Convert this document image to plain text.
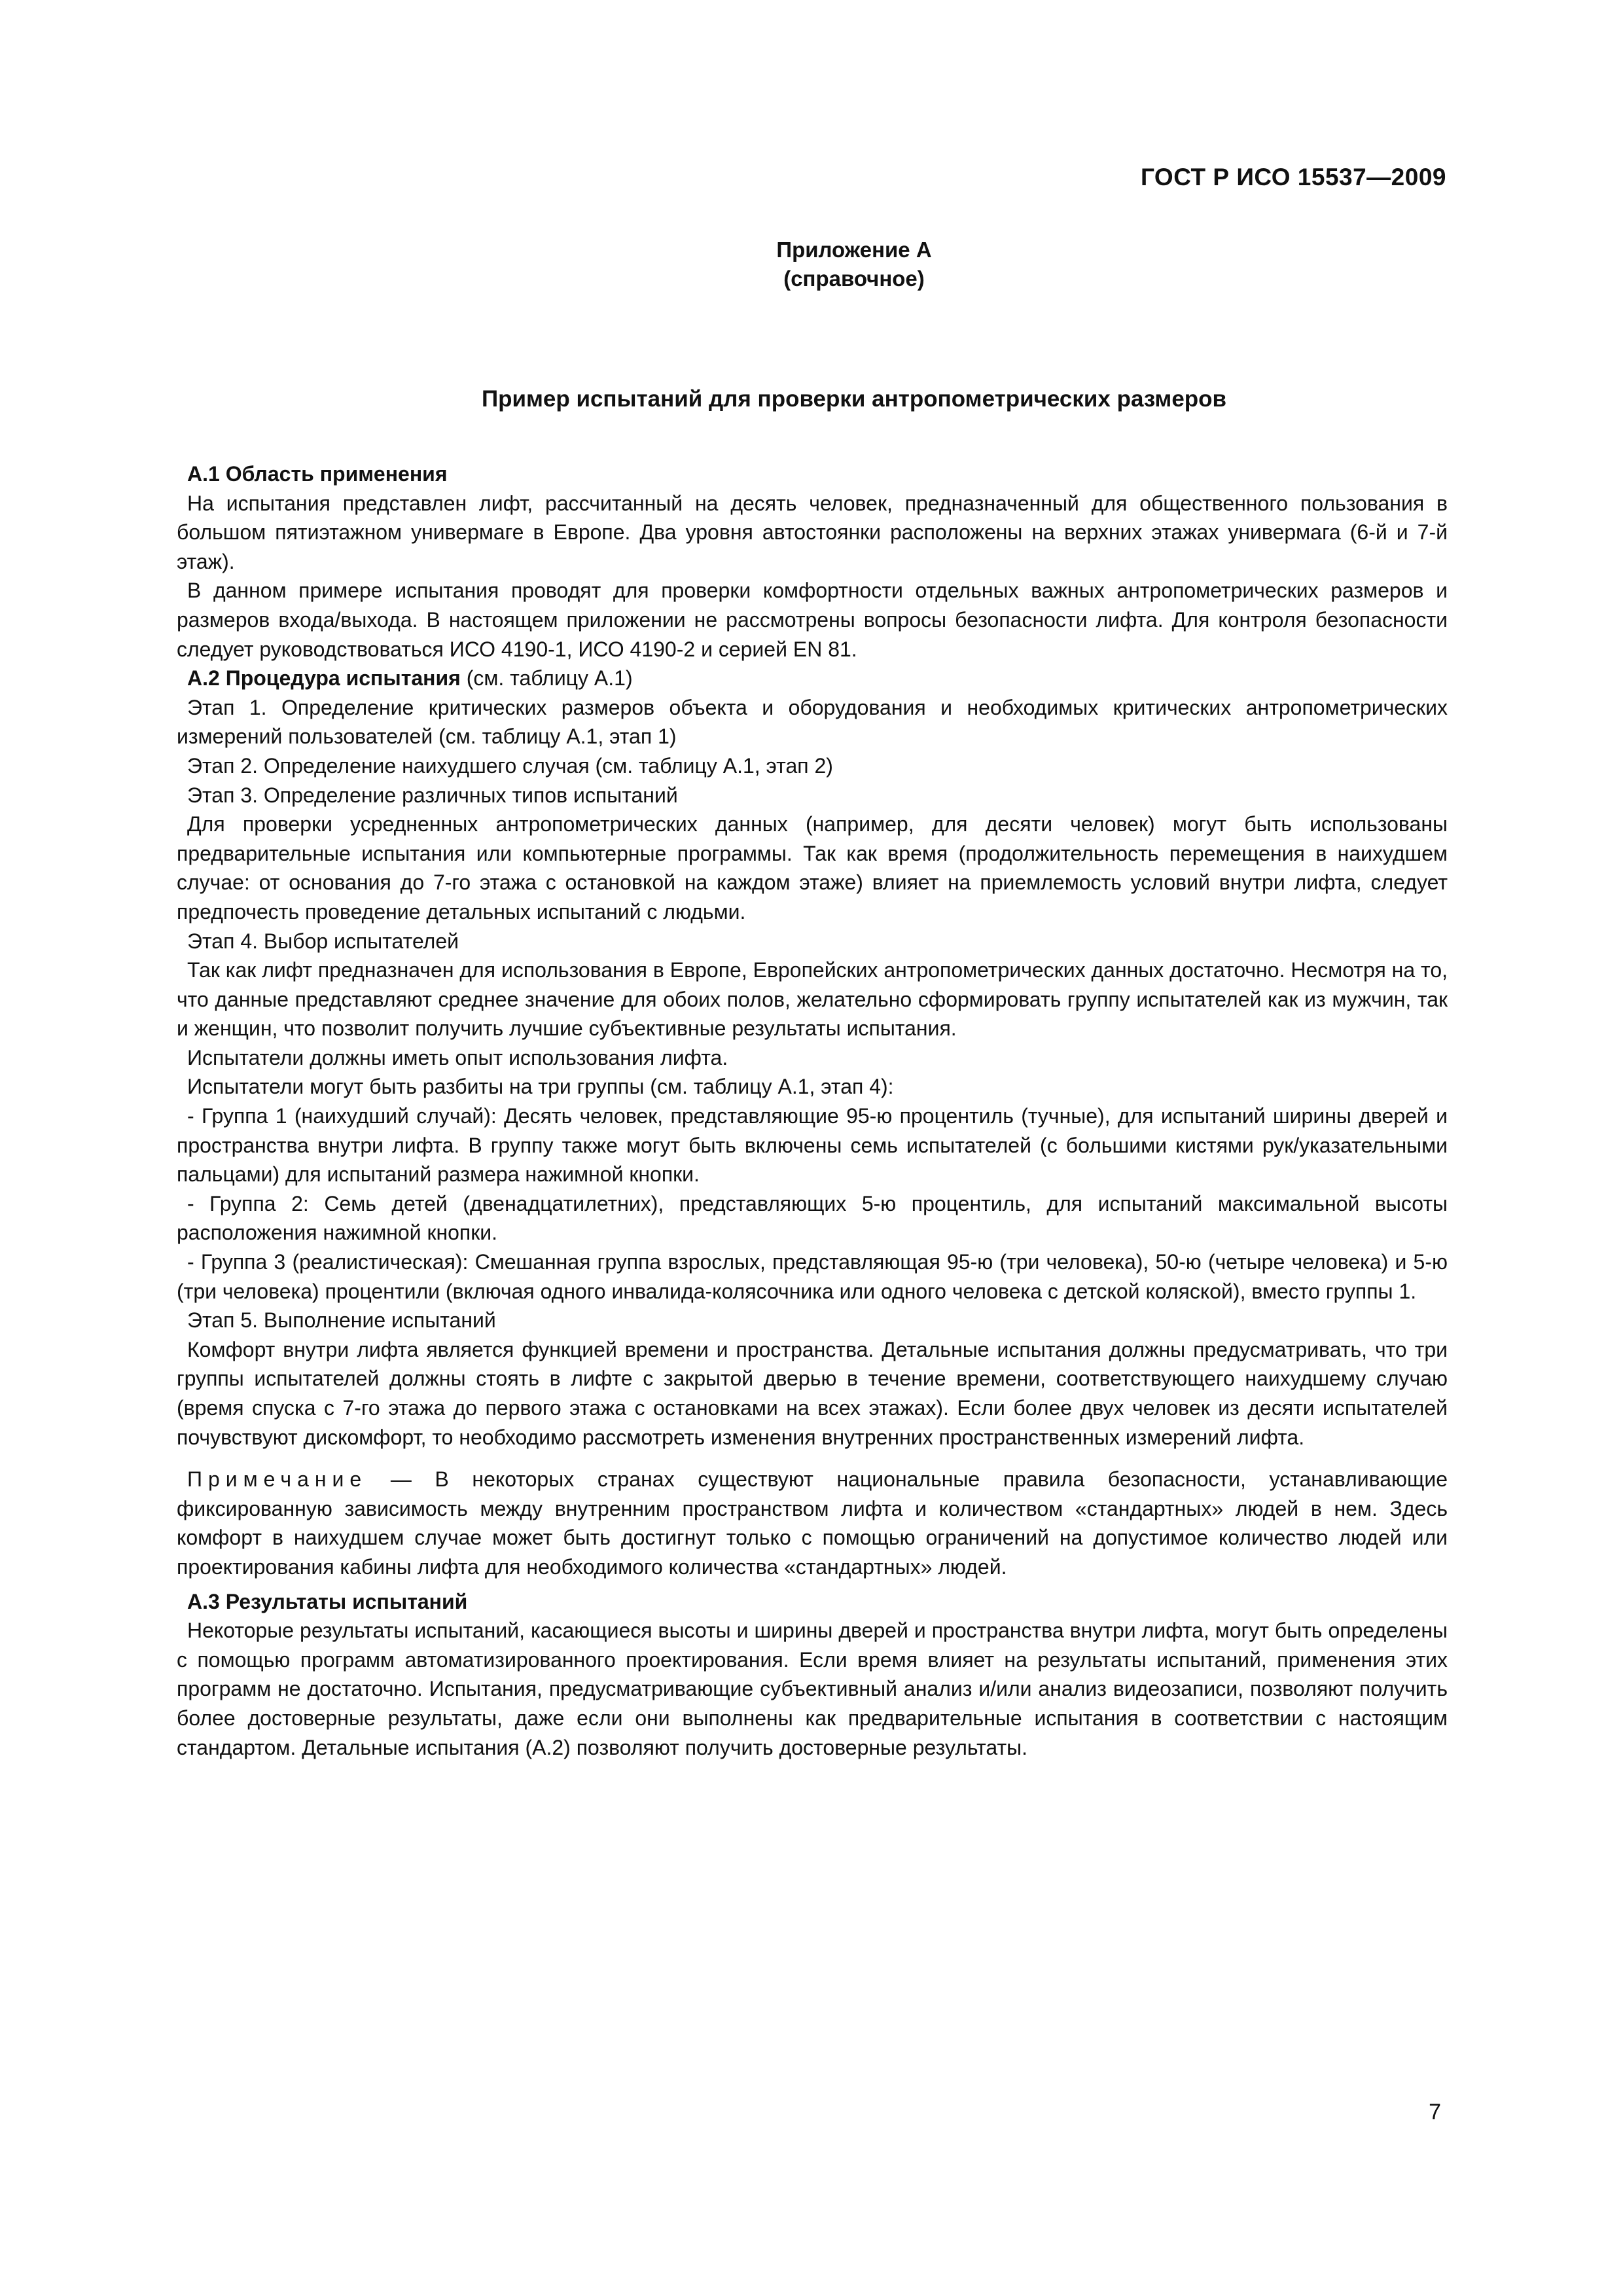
ГОСТ Р ИСО 15537—2009
Приложение А
(справочное)
Пример испытаний для проверки антропометрических размеров

А.1 Область применения

На испытания представлен лифт, рассчитанный на десять человек, предназначенный для общественного пользования в большом пятиэтажном универмаге в Европе. Два уровня автостоянки расположены на верхних этажах универмага (6-й и 7-й этаж).

В данном примере испытания проводят для проверки комфортности отдельных важных антропометрических размеров и размеров входа/выхода. В настоящем приложении не рассмотрены вопросы безопасности лифта. Для контроля безопасности следует руководствоваться ИСО 4190-1, ИСО 4190-2 и серией EN 81.

А.2 Процедура испытания (см. таблицу А.1)

Этап 1. Определение критических размеров объекта и оборудования и необходимых критических антропометрических измерений пользователей (см. таблицу А.1, этап 1)

Этап 2. Определение наихудшего случая (см. таблицу А.1, этап 2)

Этап 3. Определение различных типов испытаний

Для проверки усредненных антропометрических данных (например, для десяти человек) могут быть использованы предварительные испытания или компьютерные программы. Так как время (продолжительность перемещения в наихудшем случае: от основания до 7-го этажа с остановкой на каждом этаже) влияет на приемлемость условий внутри лифта, следует предпочесть проведение детальных испытаний с людьми.

Этап 4. Выбор испытателей

Так как лифт предназначен для использования в Европе, Европейских антропометрических данных достаточно. Несмотря на то, что данные представляют среднее значение для обоих полов, желательно сформировать группу испытателей как из мужчин, так и женщин, что позволит получить лучшие субъективные результаты испытания.

Испытатели должны иметь опыт использования лифта.

Испытатели могут быть разбиты на три группы (см. таблицу А.1, этап 4):

- Группа 1 (наихудший случай): Десять человек, представляющие 95-ю процентиль (тучные), для испытаний ширины дверей и пространства внутри лифта. В группу также могут быть включены семь испытателей (с большими кистями рук/указательными пальцами) для испытаний размера нажимной кнопки.

- Группа 2: Семь детей (двенадцатилетних), представляющих 5-ю процентиль, для испытаний максимальной высоты расположения нажимной кнопки.

- Группа 3 (реалистическая): Смешанная группа взрослых, представляющая 95-ю (три человека), 50-ю (четыре человека) и 5-ю (три человека) процентили (включая одного инвалида-колясочника или одного человека с детской коляской), вместо группы 1.

Этап 5. Выполнение испытаний

Комфорт внутри лифта является функцией времени и пространства. Детальные испытания должны предусматривать, что три группы испытателей должны стоять в лифте с закрытой дверью в течение времени, соответствующего наихудшему случаю (время спуска с 7-го этажа до первого этажа с остановками на всех этажах). Если более двух человек из десяти испытателей почувствуют дискомфорт, то необходимо рассмотреть изменения внутренних пространственных измерений лифта.

Примечание — В некоторых странах существуют национальные правила безопасности, устанавливающие фиксированную зависимость между внутренним пространством лифта и количеством «стандартных» людей в нем. Здесь комфорт в наихудшем случае может быть достигнут только с помощью ограничений на допустимое количество людей или проектирования кабины лифта для необходимого количества «стандартных» людей.

А.3 Результаты испытаний

Некоторые результаты испытаний, касающиеся высоты и ширины дверей и пространства внутри лифта, могут быть определены с помощью программ автоматизированного проектирования. Если время влияет на результаты испытаний, применения этих программ не достаточно. Испытания, предусматривающие субъективный анализ и/или анализ видеозаписи, позволяют получить более достоверные результаты, даже если они выполнены как предварительные испытания в соответствии с настоящим стандартом. Детальные испытания (А.2) позволяют получить достоверные результаты.

7
